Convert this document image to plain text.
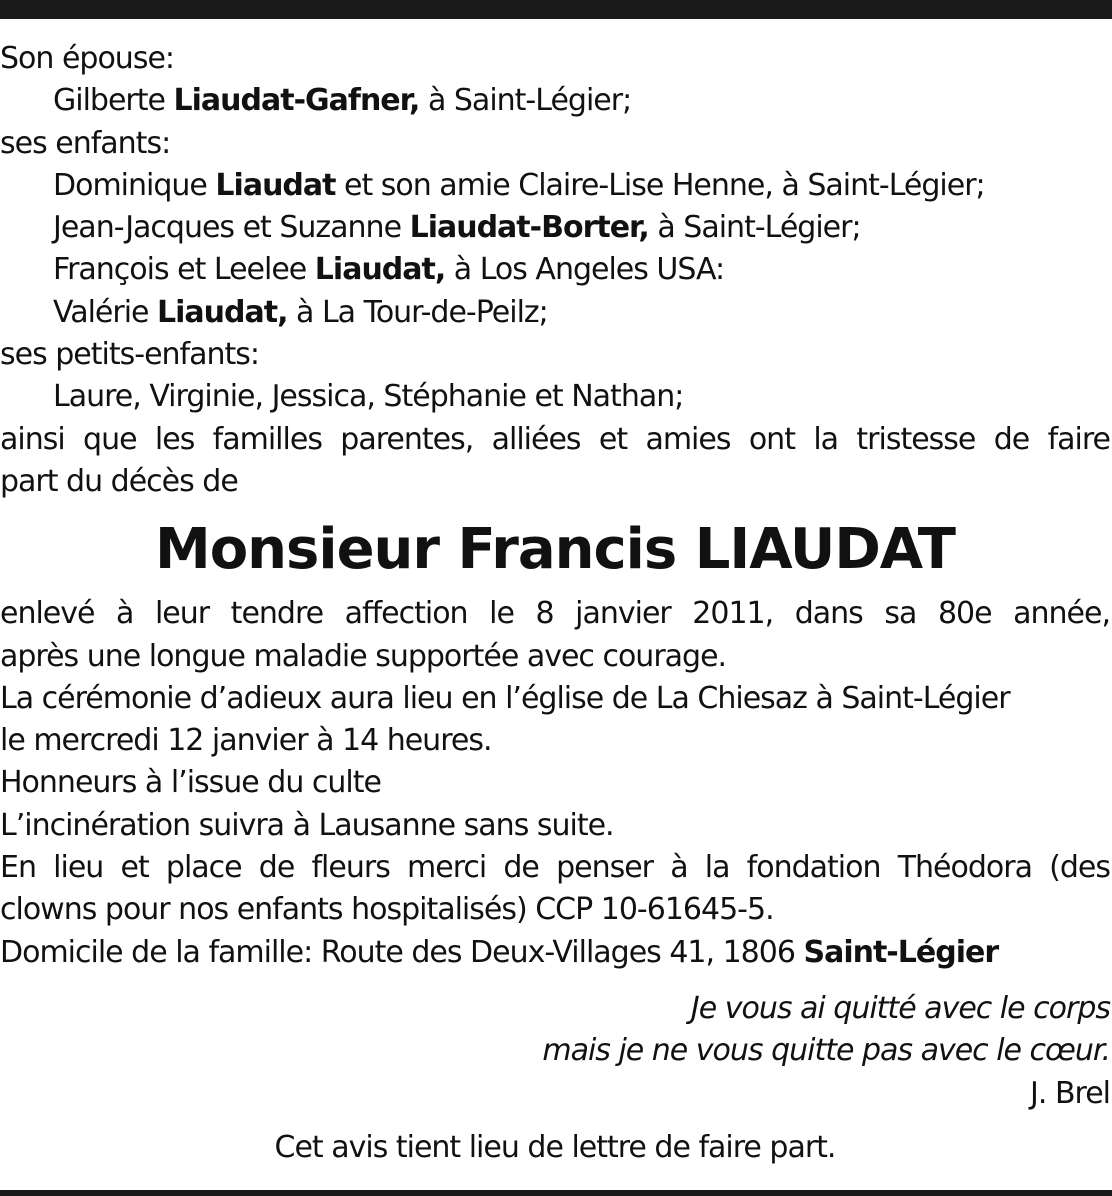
Son épouse:
Gilberte Liaudat-Gafner, à Saint-Légier;
ses enfants:
Dominique Liaudat et son amie Claire-Lise Henne, à Saint-Légier;
Jean-Jacques et Suzanne Liaudat-Borter, à Saint-Légier;
François et Leelee Liaudat, à Los Angeles USA:
Valérie Liaudat, à La Tour-de-Peilz;
ses petits-enfants:
Laure, Virginie, Jessica, Stéphanie et Nathan;
ainsi que les familles parentes, alliées et amies ont la tristesse de faire
part du décès de
Monsieur Francis LIAUDAT
enlevé à leur tendre affection le 8 janvier 2011, dans sa 80e année,
après une longue maladie supportée avec courage.
La cérémonie d’adieux aura lieu en l’église de La Chiesaz à Saint-Légier
le mercredi 12 janvier à 14 heures.
Honneurs à l’issue du culte
L’incinération suivra à Lausanne sans suite.
En lieu et place de fleurs merci de penser à la fondation Théodora (des
clowns pour nos enfants hospitalisés) CCP 10-61645-5.
Domicile de la famille: Route des Deux-Villages 41, 1806 Saint-Légier
Je vous ai quitté avec le corps
mais je ne vous quitte pas avec le cœur.
J. Brel
Cet avis tient lieu de lettre de faire part.
